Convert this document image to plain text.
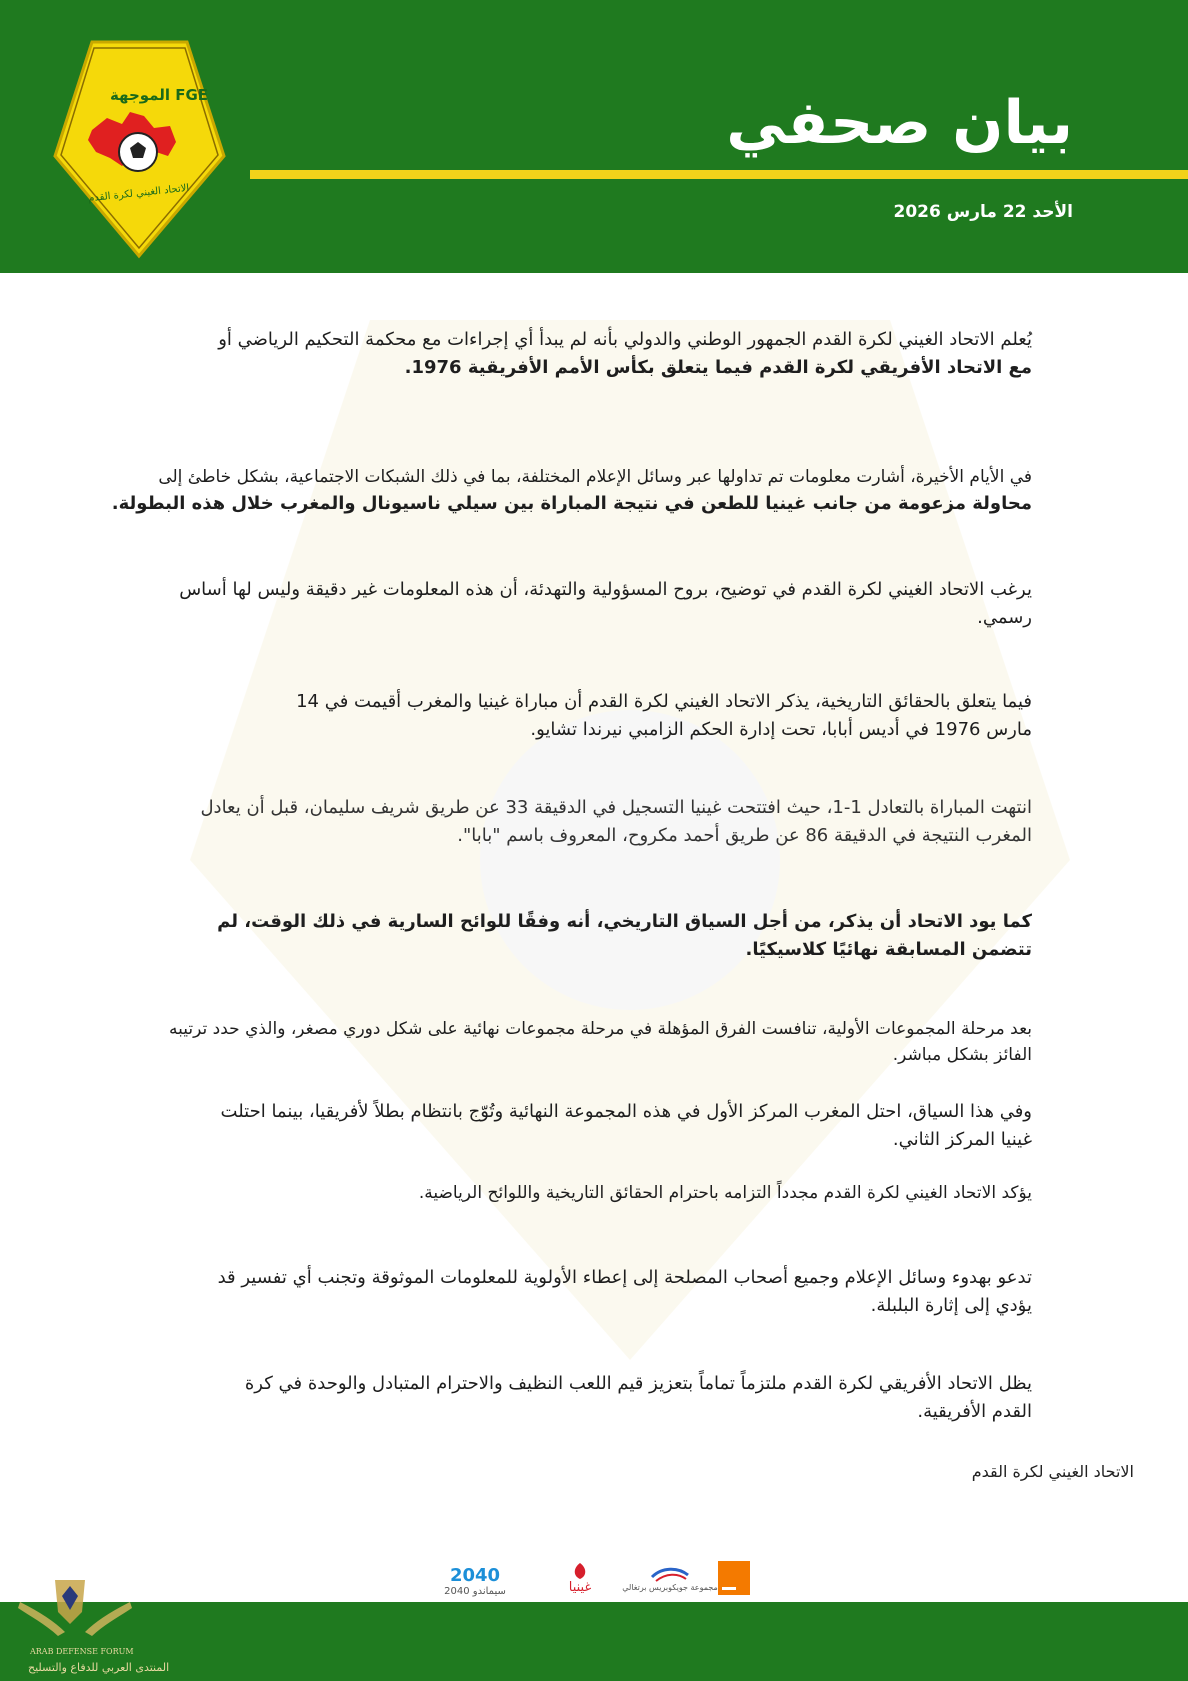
بيان صحفي
الأحد 22 مارس 2026
الموجهة FGE
الاتحاد الغيني لكرة القدم
يُعلم الاتحاد الغيني لكرة القدم الجمهور الوطني والدولي بأنه لم يبدأ أي إجراءات مع محكمة التحكيم الرياضي أو
مع الاتحاد الأفريقي لكرة القدم فيما يتعلق بكأس الأمم الأفريقية 1976.
في الأيام الأخيرة، أشارت معلومات تم تداولها عبر وسائل الإعلام المختلفة، بما في ذلك الشبكات الاجتماعية، بشكل خاطئ إلى
محاولة مزعومة من جانب غينيا للطعن في نتيجة المباراة بين سيلي ناسيونال والمغرب خلال هذه البطولة.
يرغب الاتحاد الغيني لكرة القدم في توضيح، بروح المسؤولية والتهدئة، أن هذه المعلومات غير دقيقة وليس لها أساس
رسمي.
فيما يتعلق بالحقائق التاريخية، يذكر الاتحاد الغيني لكرة القدم أن مباراة غينيا والمغرب أقيمت في 14
مارس 1976 في أديس أبابا، تحت إدارة الحكم الزامبي نيرندا تشايو.
انتهت المباراة بالتعادل 1-1، حيث افتتحت غينيا التسجيل في الدقيقة 33 عن طريق شريف سليمان، قبل أن يعادل
المغرب النتيجة في الدقيقة 86 عن طريق أحمد مكروح، المعروف باسم "بابا".
كما يود الاتحاد أن يذكر، من أجل السياق التاريخي، أنه وفقًا للوائح السارية في ذلك الوقت، لم
تتضمن المسابقة نهائيًا كلاسيكيًا.
بعد مرحلة المجموعات الأولية، تنافست الفرق المؤهلة في مرحلة مجموعات نهائية على شكل دوري مصغر، والذي حدد ترتيبه
الفائز بشكل مباشر.
وفي هذا السياق، احتل المغرب المركز الأول في هذه المجموعة النهائية وتُوّج بانتظام بطلاً لأفريقيا، بينما احتلت
غينيا المركز الثاني.
يؤكد الاتحاد الغيني لكرة القدم مجدداً التزامه باحترام الحقائق التاريخية واللوائح الرياضية.
تدعو بهدوء وسائل الإعلام وجميع أصحاب المصلحة إلى إعطاء الأولوية للمعلومات الموثوقة وتجنب أي تفسير قد
يؤدي إلى إثارة البلبلة.
يظل الاتحاد الأفريقي لكرة القدم ملتزماً تماماً بتعزيز قيم اللعب النظيف والاحترام المتبادل والوحدة في كرة
القدم الأفريقية.
الاتحاد الغيني لكرة القدم
2040
سيماندو 2040	غينيا	مجموعة جويكوبريس برتغالي
ARAB DEFENSE FORUM
المنتدى العربي للدفاع والتسليح
